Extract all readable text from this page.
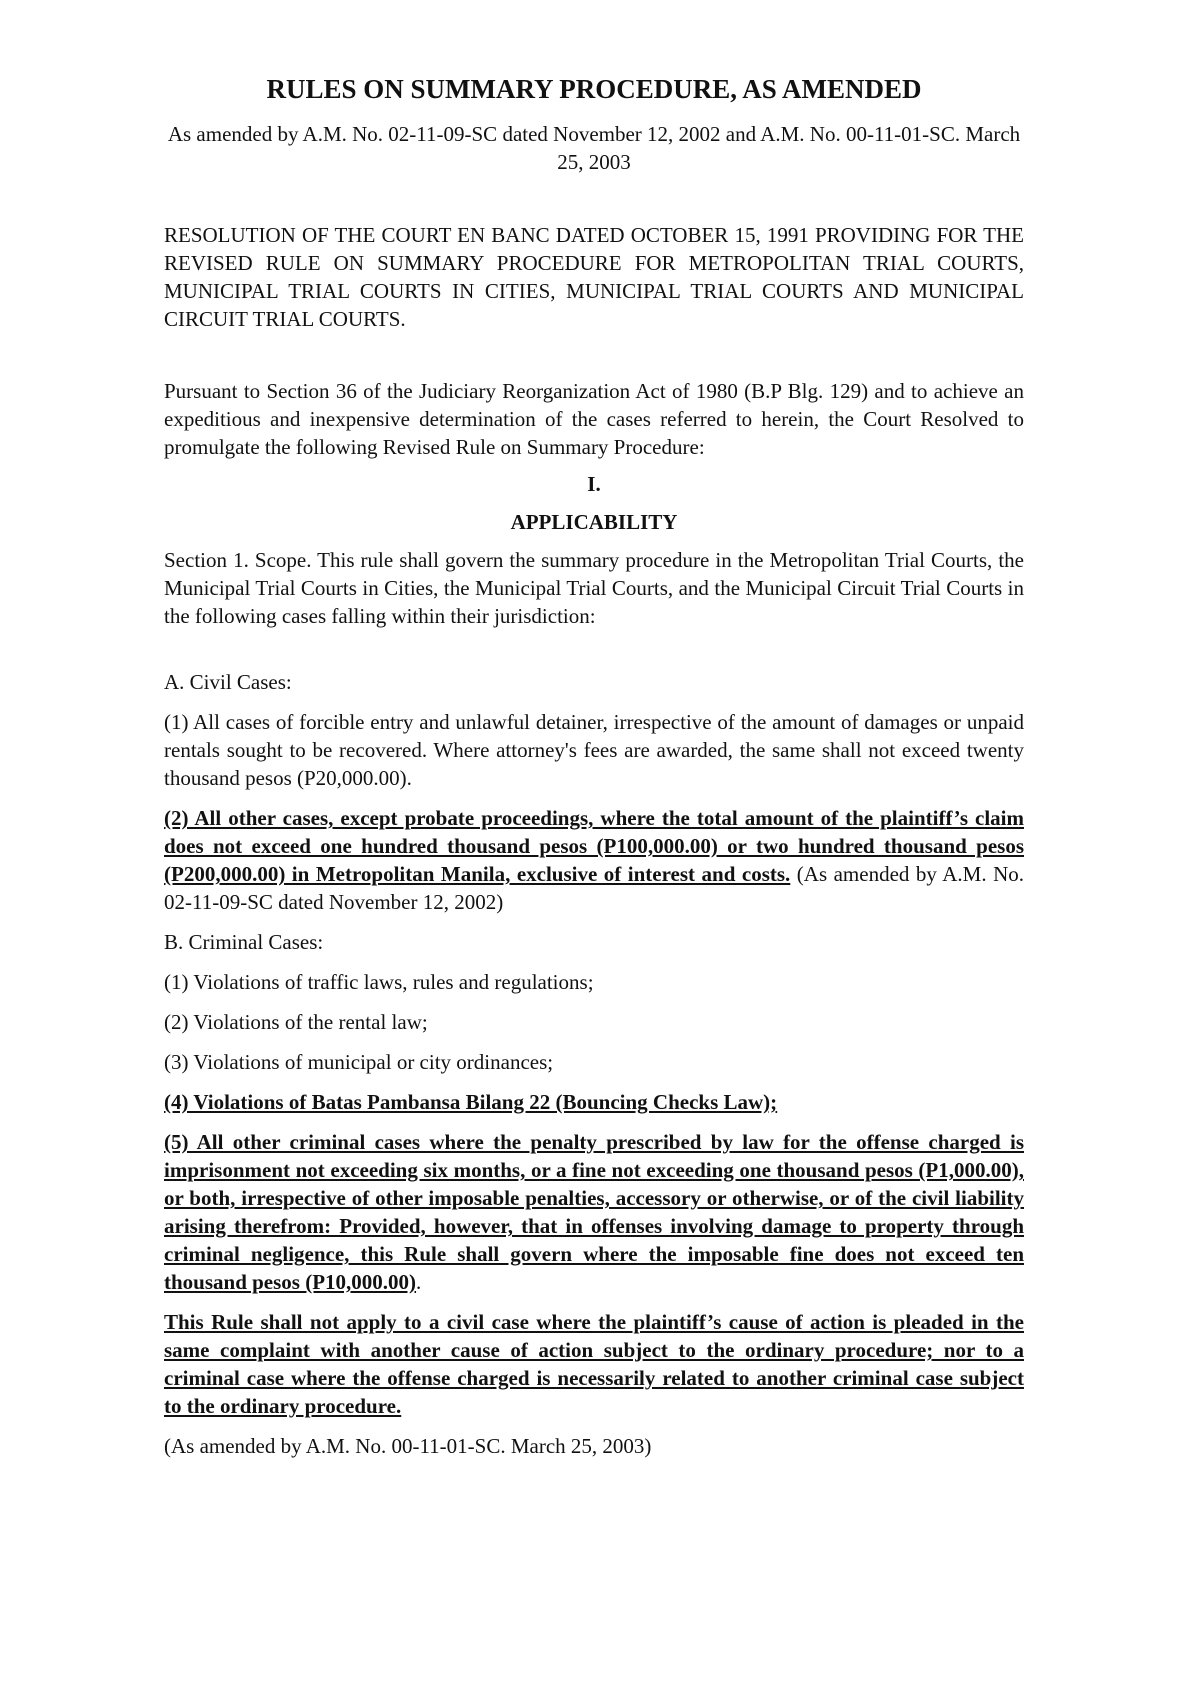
RULES ON SUMMARY PROCEDURE, AS AMENDED
As amended by A.M. No. 02-11-09-SC dated November 12, 2002 and A.M. No. 00-11-01-SC. March 25, 2003
RESOLUTION OF THE COURT EN BANC DATED OCTOBER 15, 1991 PROVIDING FOR THE REVISED RULE ON SUMMARY PROCEDURE FOR METROPOLITAN TRIAL COURTS, MUNICIPAL TRIAL COURTS IN CITIES, MUNICIPAL TRIAL COURTS AND MUNICIPAL CIRCUIT TRIAL COURTS.
Pursuant to Section 36 of the Judiciary Reorganization Act of 1980 (B.P Blg. 129) and to achieve an expeditious and inexpensive determination of the cases referred to herein, the Court Resolved to promulgate the following Revised Rule on Summary Procedure:
I.
APPLICABILITY
Section 1. Scope. This rule shall govern the summary procedure in the Metropolitan Trial Courts, the Municipal Trial Courts in Cities, the Municipal Trial Courts, and the Municipal Circuit Trial Courts in the following cases falling within their jurisdiction:
A. Civil Cases:
(1) All cases of forcible entry and unlawful detainer, irrespective of the amount of damages or unpaid rentals sought to be recovered. Where attorney's fees are awarded, the same shall not exceed twenty thousand pesos (P20,000.00).
(2) All other cases, except probate proceedings, where the total amount of the plaintiff’s claim does not exceed one hundred thousand pesos (P100,000.00) or two hundred thousand pesos (P200,000.00) in Metropolitan Manila, exclusive of interest and costs. (As amended by A.M. No. 02-11-09-SC dated November 12, 2002)
B. Criminal Cases:
(1) Violations of traffic laws, rules and regulations;
(2) Violations of the rental law;
(3) Violations of municipal or city ordinances;
(4) Violations of Batas Pambansa Bilang 22 (Bouncing Checks Law);
(5) All other criminal cases where the penalty prescribed by law for the offense charged is imprisonment not exceeding six months, or a fine not exceeding one thousand pesos (P1,000.00), or both, irrespective of other imposable penalties, accessory or otherwise, or of the civil liability arising therefrom: Provided, however, that in offenses involving damage to property through criminal negligence, this Rule shall govern where the imposable fine does not exceed ten thousand pesos (P10,000.00).
This Rule shall not apply to a civil case where the plaintiff’s cause of action is pleaded in the same complaint with another cause of action subject to the ordinary procedure; nor to a criminal case where the offense charged is necessarily related to another criminal case subject to the ordinary procedure.
(As amended by A.M. No. 00-11-01-SC. March 25, 2003)
